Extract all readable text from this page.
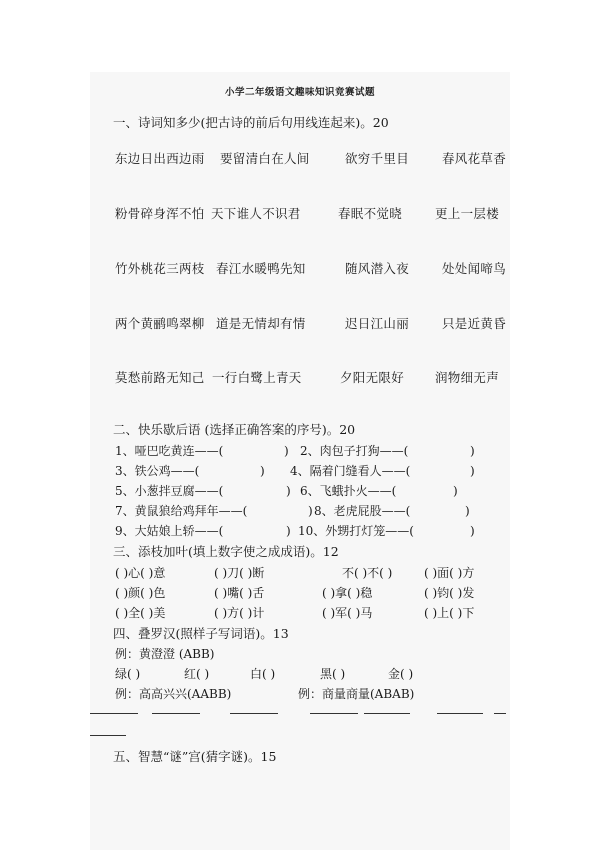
小学二年级语文趣味知识竞赛试题
一、诗词知多少(把古诗的前后句用线连起来)。20
东边日出西边雨 要留清白在人间	欲穷千里目	春风花草香
粉骨碎身浑不怕 天下谁人不识君	春眠不觉晓	更上一层楼
竹外桃花三两枝 春江水暖鸭先知	随风潜入夜	处处闻啼鸟
两个黄鹂鸣翠柳 道是无情却有情	迟日江山丽	只是近黄昏
莫愁前路无知己 一行白鹭上青天	夕阳无限好 润物细无声
二、快乐歇后语 (选择正确答案的序号)。20
1、哑巴吃黄连——(	) 2、肉包子打狗——(	)
3、铁公鸡——(	) 4、隔着门缝看人——(	)
5、小葱拌豆腐——(	) 6、飞蛾扑火——(	)
7、黄鼠狼给鸡拜年——(	) 8、老虎屁股——(	)
9、大姑娘上轿——(	) 10、外甥打灯笼——(	)
三、添枝加叶(填上数字使之成成语)。12
( )心( )意	( )刀( )断	不( )不( )	( )面( )方
( )颜( )色	( )嘴( )舌	( )拿( )稳	( )钧( )发
( )全( )美	( )方( )计	( )军( )马	( )上( )下
四、叠罗汉(照样子写词语)。13
例：黄澄澄 (ABB)
绿( )	红( )	白( )	黑( )	金( )
例：高高兴兴(AABB)	例：商量商量(ABAB)
五、智慧“谜”宫(猜字谜)。15
